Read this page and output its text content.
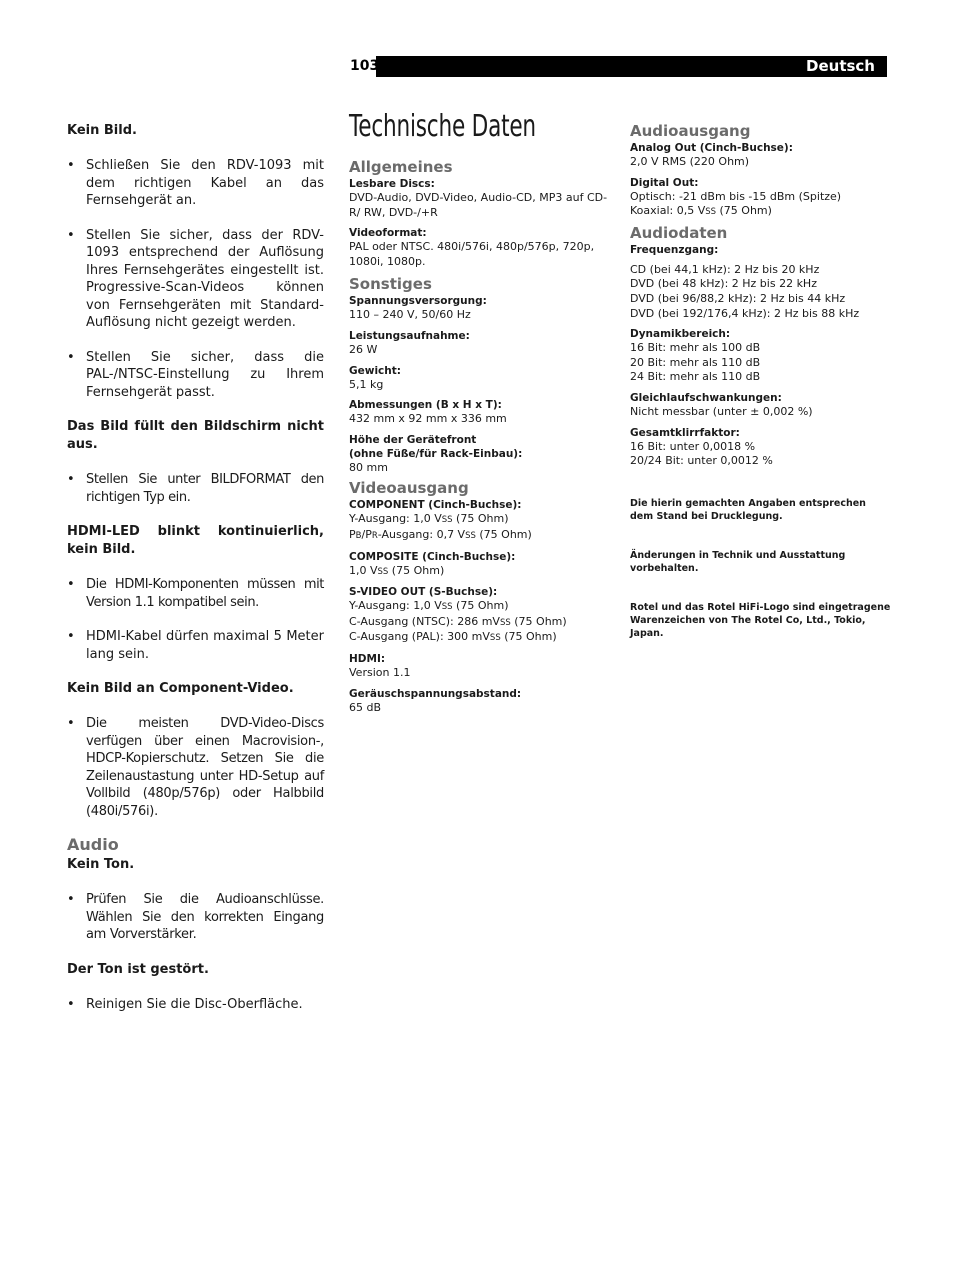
103	Deutsch

Kein Bild.

• Schließen Sie den RDV-1093 mit dem richtigen Kabel an das Fernsehgerät an.

• Stellen Sie sicher, dass der RDV-1093 entsprechend der Auflösung Ihres Fernsehgerätes eingestellt ist. Progressive-Scan-Videos können von Fernsehgeräten mit Standard-Auflösung nicht gezeigt werden.

• Stellen Sie sicher, dass die PAL-/NTSC-Einstellung zu Ihrem Fernsehgerät passt.

Das Bild füllt den Bildschirm nicht aus.

• Stellen Sie unter BILDFORMAT den richtigen Typ ein.

HDMI-LED blinkt kontinuierlich, kein Bild.

• Die HDMI-Komponenten müssen mit Version 1.1 kompatibel sein.

• HDMI-Kabel dürfen maximal 5 Meter lang sein.

Kein Bild an Component-Video.

• Die meisten DVD-Video-Discs verfügen über einen Macrovision-, HDCP-Kopierschutz. Setzen Sie die Zeilenaustastung unter HD-Setup auf Vollbild (480p/576p) oder Halbbild (480i/576i).

Audio

Kein Ton.

• Prüfen Sie die Audioanschlüsse. Wählen Sie den korrekten Eingang am Vorverstärker.

Der Ton ist gestört.

• Reinigen Sie die Disc-Oberfläche.

Technische Daten

Allgemeines

Lesbare Discs:

DVD-Audio, DVD-Video, Audio-CD, MP3 auf CD-R/ RW, DVD-/+R

Videoformat:

PAL oder NTSC. 480i/576i, 480p/576p, 720p, 1080i, 1080p.

Sonstiges

Spannungsversorgung:

110 – 240 V, 50/60 Hz

Leistungsaufnahme:

26 W

Gewicht:

5,1 kg

Abmessungen (B x H x T):

432 mm x 92 mm x 336 mm

Höhe der Gerätefront

(ohne Füße/für Rack-Einbau):

80 mm

Videoausgang

COMPONENT (Cinch-Buchse):

Y-Ausgang: 1,0 VSS (75 Ohm)

PB/PR-Ausgang: 0,7 VSS (75 Ohm)

COMPOSITE (Cinch-Buchse):

1,0 VSS (75 Ohm)

S-VIDEO OUT (S-Buchse):

Y-Ausgang: 1,0 VSS (75 Ohm)

C-Ausgang (NTSC): 286 mVSS (75 Ohm)

C-Ausgang (PAL): 300 mVSS (75 Ohm)

HDMI:

Version 1.1

Geräuschspannungsabstand:

65 dB

Audioausgang

Analog Out (Cinch-Buchse):

2,0 V RMS (220 Ohm)

Digital Out:

Optisch: -21 dBm bis -15 dBm (Spitze)

Koaxial: 0,5 VSS (75 Ohm)

Audiodaten

Frequenzgang:

CD (bei 44,1 kHz): 2 Hz bis 20 kHz

DVD (bei 48 kHz): 2 Hz bis 22 kHz

DVD (bei 96/88,2 kHz): 2 Hz bis 44 kHz

DVD (bei 192/176,4 kHz): 2 Hz bis 88 kHz

Dynamikbereich:

16 Bit: mehr als 100 dB

20 Bit: mehr als 110 dB

24 Bit: mehr als 110 dB

Gleichlaufschwankungen:

Nicht messbar (unter ± 0,002 %)

Gesamtklirrfaktor:

16 Bit: unter 0,0018 %

20/24 Bit: unter 0,0012 %

Die hierin gemachten Angaben entsprechen dem Stand bei Drucklegung.

Änderungen in Technik und Ausstattung vorbehalten.

Rotel und das Rotel HiFi-Logo sind eingetragene Warenzeichen von The Rotel Co, Ltd., Tokio, Japan.
